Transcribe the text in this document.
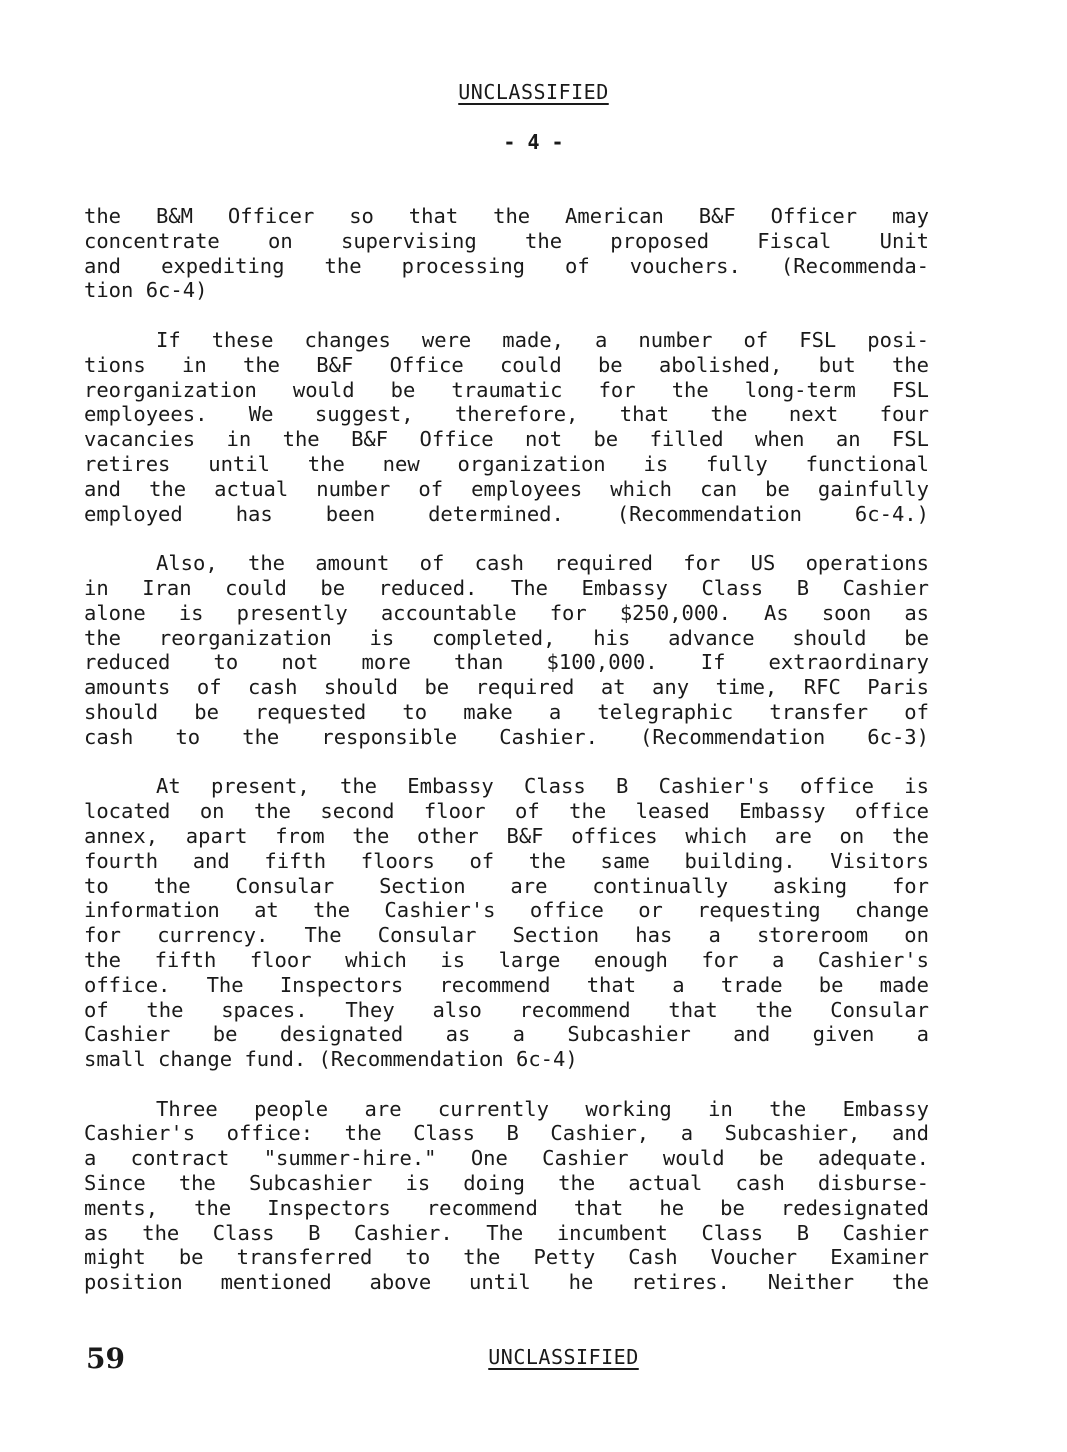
UNCLASSIFIED
- 4 -
the B&M Officer so that the American B&F Officer may
concentrate on supervising the proposed Fiscal Unit
and expediting the processing of vouchers. (Recommenda-
tion 6c-4)
If these changes were made, a number of FSL posi-
tions in the B&F Office could be abolished, but the
reorganization would be traumatic for the long-term FSL
employees. We suggest, therefore, that the next four
vacancies in the B&F Office not be filled when an FSL
retires until the new organization is fully functional
and the actual number of employees which can be gainfully
employed has been determined. (Recommendation 6c-4.)
Also, the amount of cash required for US operations
in Iran could be reduced. The Embassy Class B Cashier
alone is presently accountable for $250,000. As soon as
the reorganization is completed, his advance should be
reduced to not more than $100,000. If extraordinary
amounts of cash should be required at any time, RFC Paris
should be requested to make a telegraphic transfer of
cash to the responsible Cashier. (Recommendation 6c-3)
At present, the Embassy Class B Cashier's office is
located on the second floor of the leased Embassy office
annex, apart from the other B&F offices which are on the
fourth and fifth floors of the same building. Visitors
to the Consular Section are continually asking for
information at the Cashier's office or requesting change
for currency. The Consular Section has a storeroom on
the fifth floor which is large enough for a Cashier's
office. The Inspectors recommend that a trade be made
of the spaces. They also recommend that the Consular
Cashier be designated as a Subcashier and given a
small change fund. (Recommendation 6c-4)
Three people are currently working in the Embassy
Cashier's office: the Class B Cashier, a Subcashier, and
a contract "summer-hire." One Cashier would be adequate.
Since the Subcashier is doing the actual cash disburse-
ments, the Inspectors recommend that he be redesignated
as the Class B Cashier. The incumbent Class B Cashier
might be transferred to the Petty Cash Voucher Examiner
position mentioned above until he retires. Neither the
59	UNCLASSIFIED
